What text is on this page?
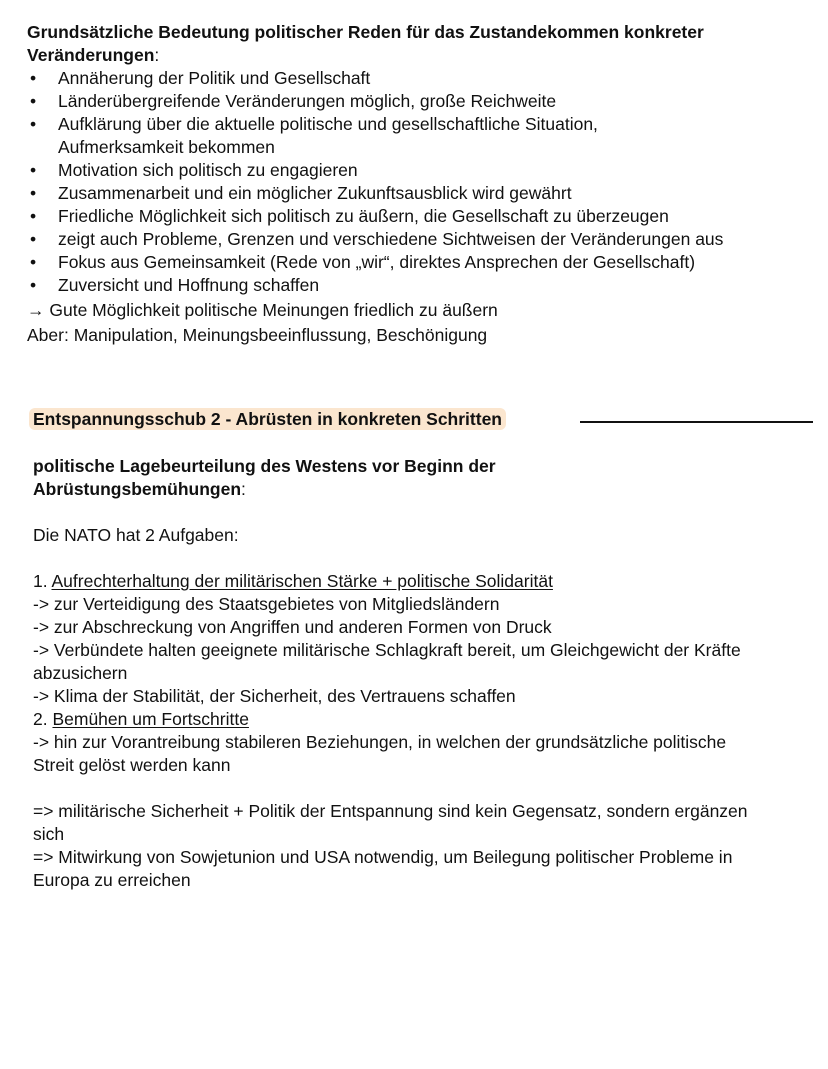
Grundsätzliche Bedeutung politischer Reden für das Zustandekommen konkreter Veränderungen:

• Annäherung der Politik und Gesellschaft
• Länderübergreifende Veränderungen möglich, große Reichweite
• Aufklärung über die aktuelle politische und gesellschaftliche Situation, Aufmerksamkeit bekommen
• Motivation sich politisch zu engagieren
• Zusammenarbeit und ein möglicher Zukunftsausblick wird gewährt
• Friedliche Möglichkeit sich politisch zu äußern, die Gesellschaft zu überzeugen
• zeigt auch Probleme, Grenzen und verschiedene Sichtweisen der Veränderungen aus
• Fokus aus Gemeinsamkeit (Rede von „wir“, direktes Ansprechen der Gesellschaft)
• Zuversicht und Hoffnung schaffen

→ Gute Möglichkeit politische Meinungen friedlich zu äußern

Aber: Manipulation, Meinungsbeeinflussung, Beschönigung

Entspannungsschub 2 - Abrüsten in konkreten Schritten

politische Lagebeurteilung des Westens vor Beginn der Abrüstungsbemühungen:

Die NATO hat 2 Aufgaben:

1. Aufrechterhaltung der militärischen Stärke + politische Solidarität

-> zur Verteidigung des Staatsgebietes von Mitgliedsländern

-> zur Abschreckung von Angriffen und anderen Formen von Druck

-> Verbündete halten geeignete militärische Schlagkraft bereit, um Gleichgewicht der Kräfte abzusichern

-> Klima der Stabilität, der Sicherheit, des Vertrauens schaffen

2. Bemühen um Fortschritte

-> hin zur Vorantreibung stabileren Beziehungen, in welchen der grundsätzliche politische Streit gelöst werden kann

=> militärische Sicherheit + Politik der Entspannung sind kein Gegensatz, sondern ergänzen sich

=> Mitwirkung von Sowjetunion und USA notwendig, um Beilegung politischer Probleme in Europa zu erreichen
